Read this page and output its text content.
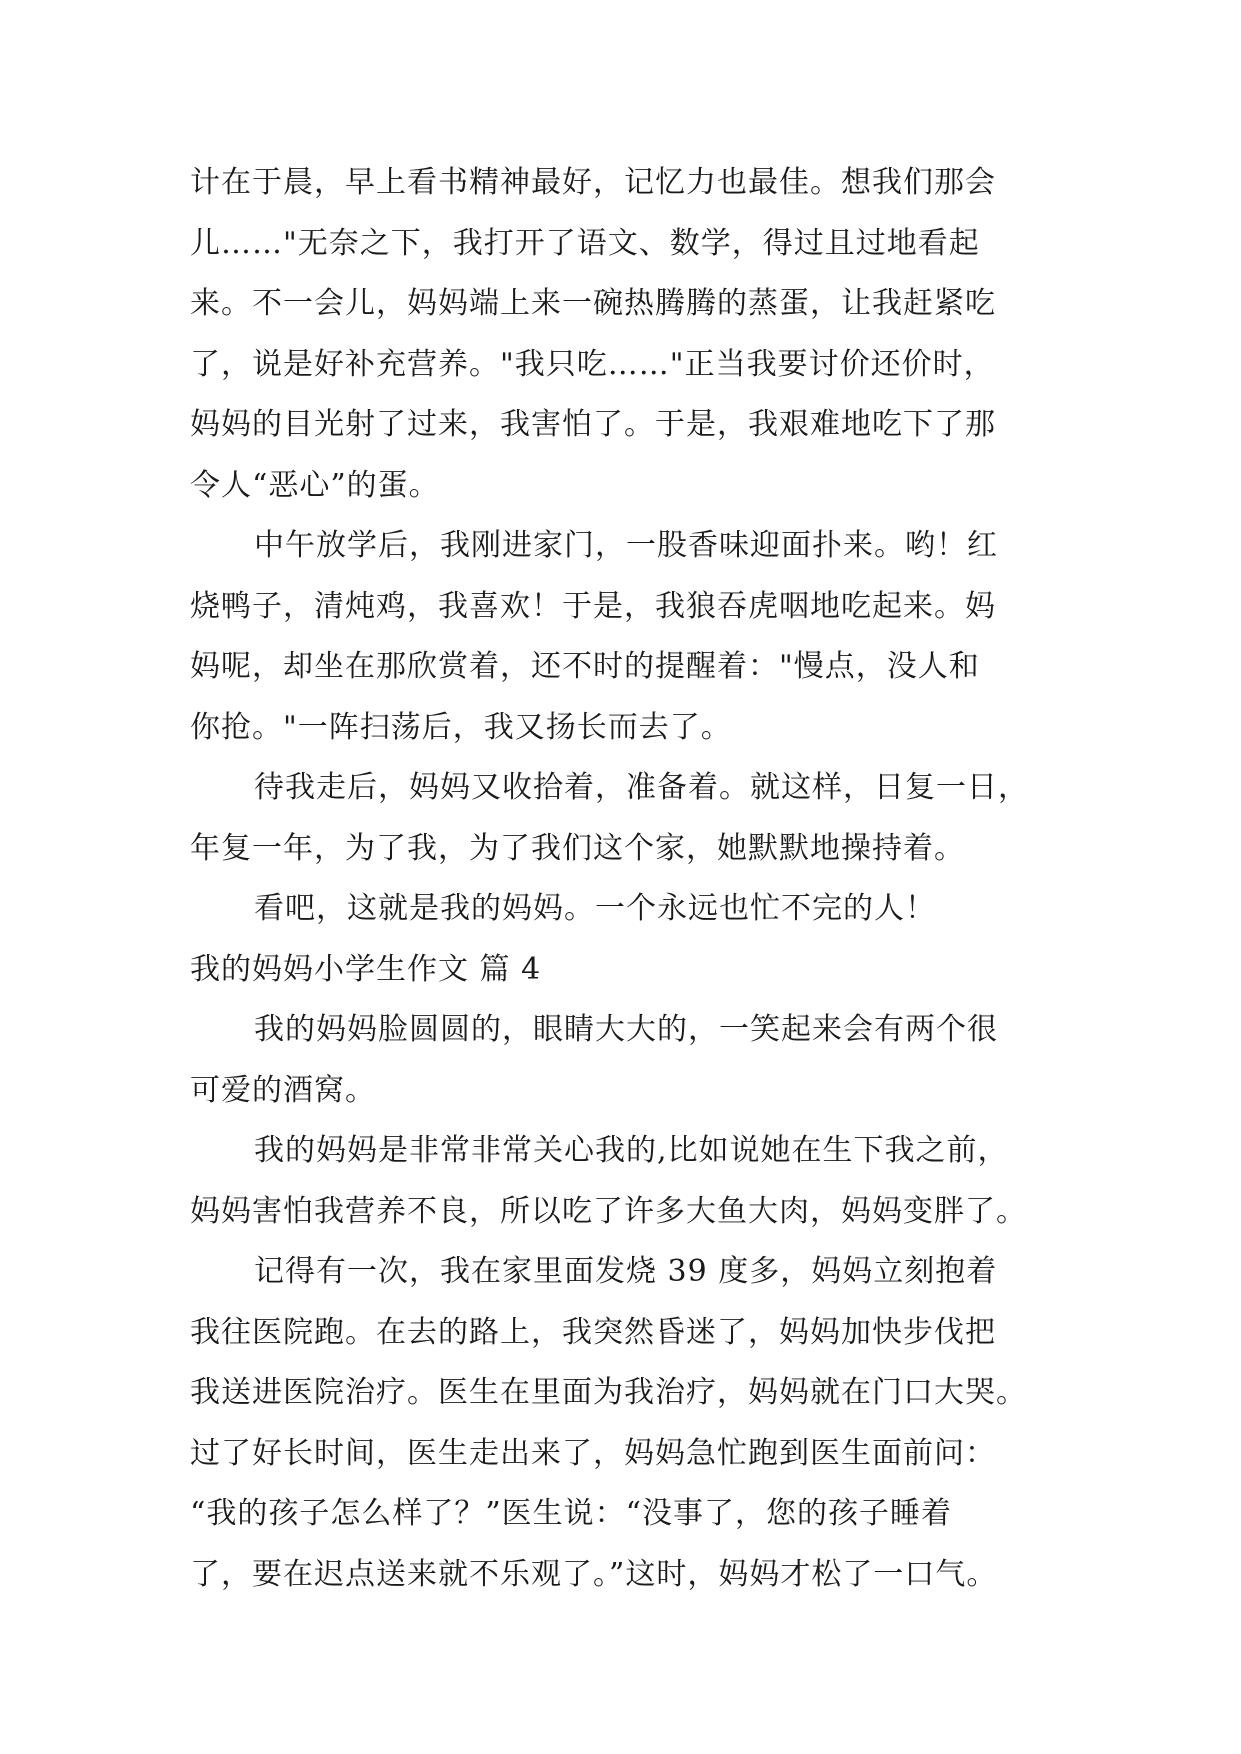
计在于晨，早上看书精神最好，记忆力也最佳。想我们那会
儿……"无奈之下，我打开了语文、数学，得过且过地看起
来。不一会儿，妈妈端上来一碗热腾腾的蒸蛋，让我赶紧吃
了，说是好补充营养。"我只吃……"正当我要讨价还价时，
妈妈的目光射了过来，我害怕了。于是，我艰难地吃下了那
令人“恶心”的蛋。
中午放学后，我刚进家门，一股香味迎面扑来。哟！红
烧鸭子，清炖鸡，我喜欢！于是，我狼吞虎咽地吃起来。妈
妈呢，却坐在那欣赏着，还不时的提醒着："慢点，没人和
你抢。"一阵扫荡后，我又扬长而去了。
待我走后，妈妈又收拾着，准备着。就这样，日复一日，
年复一年，为了我，为了我们这个家，她默默地操持着。
看吧，这就是我的妈妈。一个永远也忙不完的人！
我的妈妈小学生作文 篇 4
我的妈妈脸圆圆的，眼睛大大的，一笑起来会有两个很
可爱的酒窝。
我的妈妈是非常非常关心我的,比如说她在生下我之前，
妈妈害怕我营养不良，所以吃了许多大鱼大肉，妈妈变胖了。
记得有一次，我在家里面发烧 39 度多，妈妈立刻抱着
我往医院跑。在去的路上，我突然昏迷了，妈妈加快步伐把
我送进医院治疗。医生在里面为我治疗，妈妈就在门口大哭。
过了好长时间，医生走出来了，妈妈急忙跑到医生面前问：
“我的孩子怎么样了？”医生说：“没事了，您的孩子睡着
了，要在迟点送来就不乐观了。”这时，妈妈才松了一口气。
